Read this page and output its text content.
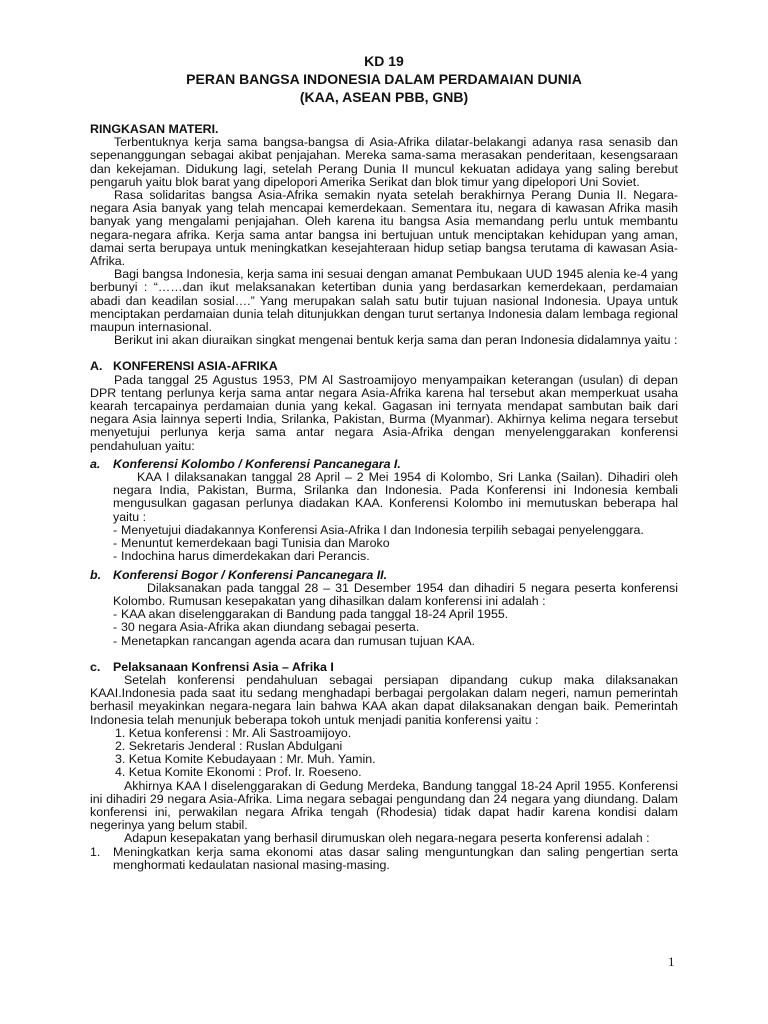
KD 19
PERAN BANGSA INDONESIA DALAM PERDAMAIAN DUNIA
(KAA, ASEAN PBB, GNB)
RINGKASAN MATERI.

Terbentuknya kerja sama bangsa-bangsa di Asia-Afrika dilatar-belakangi adanya rasa senasib dan sepenanggungan sebagai akibat penjajahan. Mereka sama-sama merasakan penderitaan, kesengsaraan dan kekejaman. Didukung lagi, setelah Perang Dunia II muncul kekuatan adidaya yang saling berebut pengaruh yaitu blok barat yang dipelopori Amerika Serikat dan blok timur yang dipelopori Uni Soviet.

Rasa solidaritas bangsa Asia-Afrika semakin nyata setelah berakhirnya Perang Dunia II. Negara-negara Asia banyak yang telah mencapai kemerdekaan. Sementara itu, negara di kawasan Afrika masih banyak yang mengalami penjajahan. Oleh karena itu bangsa Asia memandang perlu untuk membantu negara-negara afrika. Kerja sama antar bangsa ini bertujuan untuk menciptakan kehidupan yang aman, damai serta berupaya untuk meningkatkan kesejahteraan hidup setiap bangsa terutama di kawasan Asia-Afrika.

Bagi bangsa Indonesia, kerja sama ini sesuai dengan amanat Pembukaan UUD 1945 alenia ke-4 yang berbunyi : “……dan ikut melaksanakan ketertiban dunia yang berdasarkan kemerdekaan, perdamaian abadi dan keadilan sosial….” Yang merupakan salah satu butir tujuan nasional Indonesia. Upaya untuk menciptakan perdamaian dunia telah ditunjukkan dengan turut sertanya Indonesia dalam lembaga regional maupun internasional.

Berikut ini akan diuraikan singkat mengenai bentuk kerja sama dan peran Indonesia didalamnya yaitu :

A. KONFERENSI ASIA-AFRIKA

Pada tanggal 25 Agustus 1953, PM Al Sastroamijoyo menyampaikan keterangan (usulan) di depan DPR tentang perlunya kerja sama antar negara Asia-Afrika karena hal tersebut akan memperkuat usaha kearah tercapainya perdamaian dunia yang kekal. Gagasan ini ternyata mendapat sambutan baik dari negara Asia lainnya seperti India, Srilanka, Pakistan, Burma (Myanmar). Akhirnya kelima negara tersebut menyetujui perlunya kerja sama antar negara Asia-Afrika dengan menyelenggarakan konferensi pendahuluan yaitu:

a.	Konferensi Kolombo / Konferensi Pancanegara I.

KAA I dilaksanakan tanggal 28 April – 2 Mei 1954 di Kolombo, Sri Lanka (Sailan). Dihadiri oleh negara India, Pakistan, Burma, Srilanka dan Indonesia. Pada Konferensi ini Indonesia kembali mengusulkan gagasan perlunya diadakan KAA. Konferensi Kolombo ini memutuskan beberapa hal yaitu :

- Menyetujui diadakannya Konferensi Asia-Afrika I dan Indonesia terpilih sebagai penyelenggara.
- Menuntut kemerdekaan bagi Tunisia dan Maroko
- Indochina harus dimerdekakan dari Perancis.
b. Konferensi Bogor / Konferensi Pancanegara II.

Dilaksanakan pada tanggal 28 – 31 Desember 1954 dan dihadiri 5 negara peserta konferensi Kolombo. Rumusan kesepakatan yang dihasilkan dalam konferensi ini adalah :

- KAA akan diselenggarakan di Bandung pada tanggal 18-24 April 1955.
- 30 negara Asia-Afrika akan diundang sebagai peserta.
- Menetapkan rancangan agenda acara dan rumusan tujuan KAA.
c.	Pelaksanaan Konfrensi Asia – Afrika I

Setelah konferensi pendahuluan sebagai persiapan dipandang cukup maka dilaksanakan KAAI.Indonesia pada saat itu sedang menghadapi berbagai pergolakan dalam negeri, namun pemerintah berhasil meyakinkan negara-negara lain bahwa KAA akan dapat dilaksanakan dengan baik. Pemerintah Indonesia telah menunjuk beberapa tokoh untuk menjadi panitia konferensi yaitu :

1. Ketua konferensi : Mr. Ali Sastroamijoyo.
2. Sekretaris Jenderal : Ruslan Abdulgani
3. Ketua Komite Kebudayaan : Mr. Muh. Yamin.
4. Ketua Komite Ekonomi : Prof. Ir. Roeseno.

Akhirnya KAA I diselenggarakan di Gedung Merdeka, Bandung tanggal 18-24 April 1955. Konferensi ini dihadiri 29 negara Asia-Afrika. Lima negara sebagai pengundang dan 24 negara yang diundang. Dalam konferensi ini, perwakilan negara Afrika tengah (Rhodesia) tidak dapat hadir karena kondisi dalam negerinya yang belum stabil.

Adapun kesepakatan yang berhasil dirumuskan oleh negara-negara peserta konferensi adalah :

1.	Meningkatkan kerja sama ekonomi atas dasar saling menguntungkan dan saling pengertian serta menghormati kedaulatan nasional masing-masing.
1
